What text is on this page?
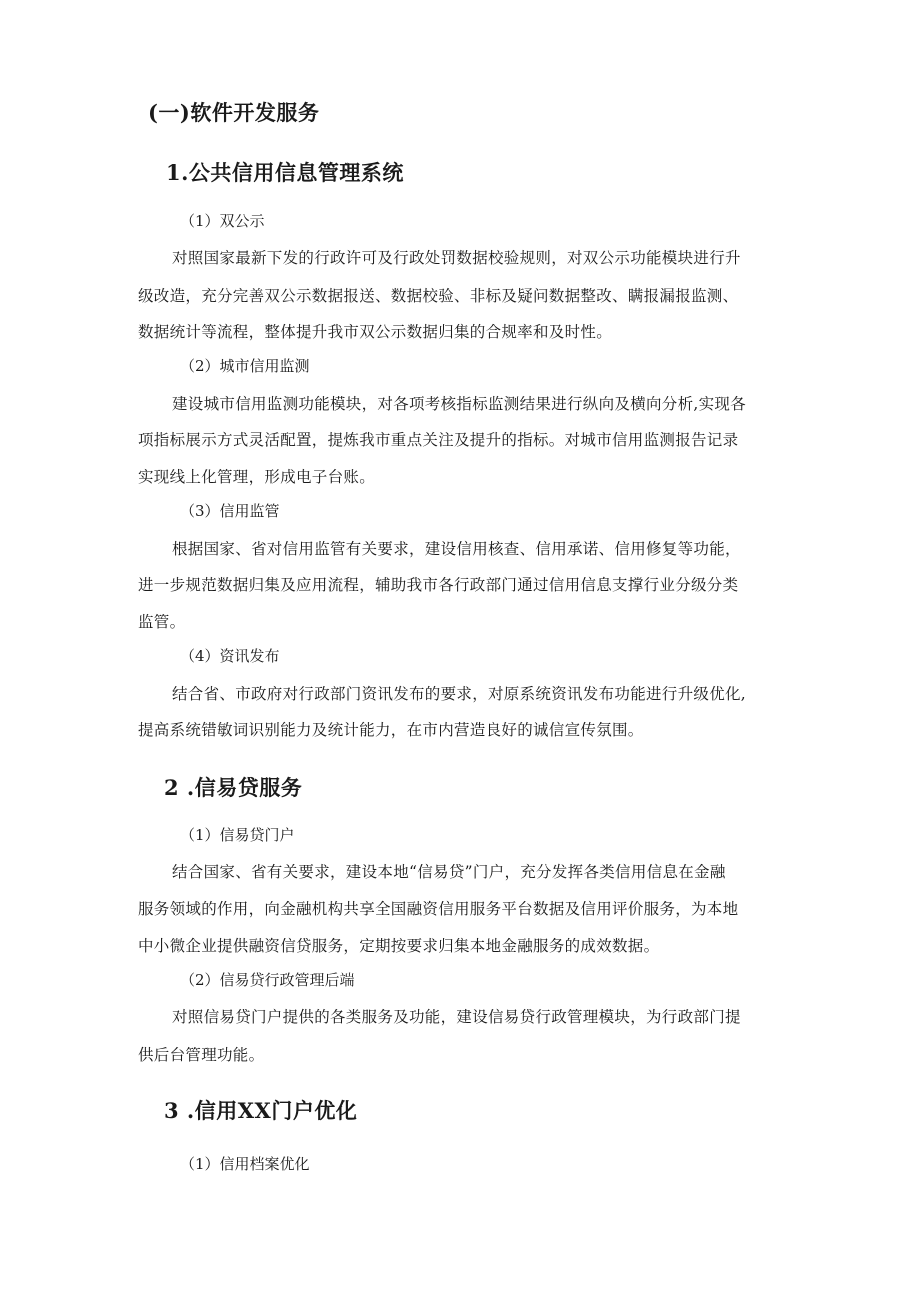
(一)软件开发服务
1.公共信用信息管理系统
（1）双公示
对照国家最新下发的行政许可及行政处罚数据校验规则，对双公示功能模块进行升
级改造，充分完善双公示数据报送、数据校验、非标及疑问数据整改、瞒报漏报监测、
数据统计等流程，整体提升我市双公示数据归集的合规率和及时性。
（2）城市信用监测
建设城市信用监测功能模块，对各项考核指标监测结果进行纵向及横向分析,实现各
项指标展示方式灵活配置，提炼我市重点关注及提升的指标。对城市信用监测报告记录
实现线上化管理，形成电子台账。
（3）信用监管
根据国家、省对信用监管有关要求，建设信用核查、信用承诺、信用修复等功能，
进一步规范数据归集及应用流程，辅助我市各行政部门通过信用信息支撑行业分级分类
监管。
（4）资讯发布
结合省、市政府对行政部门资讯发布的要求，对原系统资讯发布功能进行升级优化,
提高系统错敏词识别能力及统计能力，在市内营造良好的诚信宣传氛围。
2 .信易贷服务
（1）信易贷门户
结合国家、省有关要求，建设本地“信易贷”门户，充分发挥各类信用信息在金融
服务领域的作用，向金融机构共享全国融资信用服务平台数据及信用评价服务，为本地
中小微企业提供融资信贷服务，定期按要求归集本地金融服务的成效数据。
（2）信易贷行政管理后端
对照信易贷门户提供的各类服务及功能，建设信易贷行政管理模块，为行政部门提
供后台管理功能。
3 .信用XX门户优化
（1）信用档案优化
